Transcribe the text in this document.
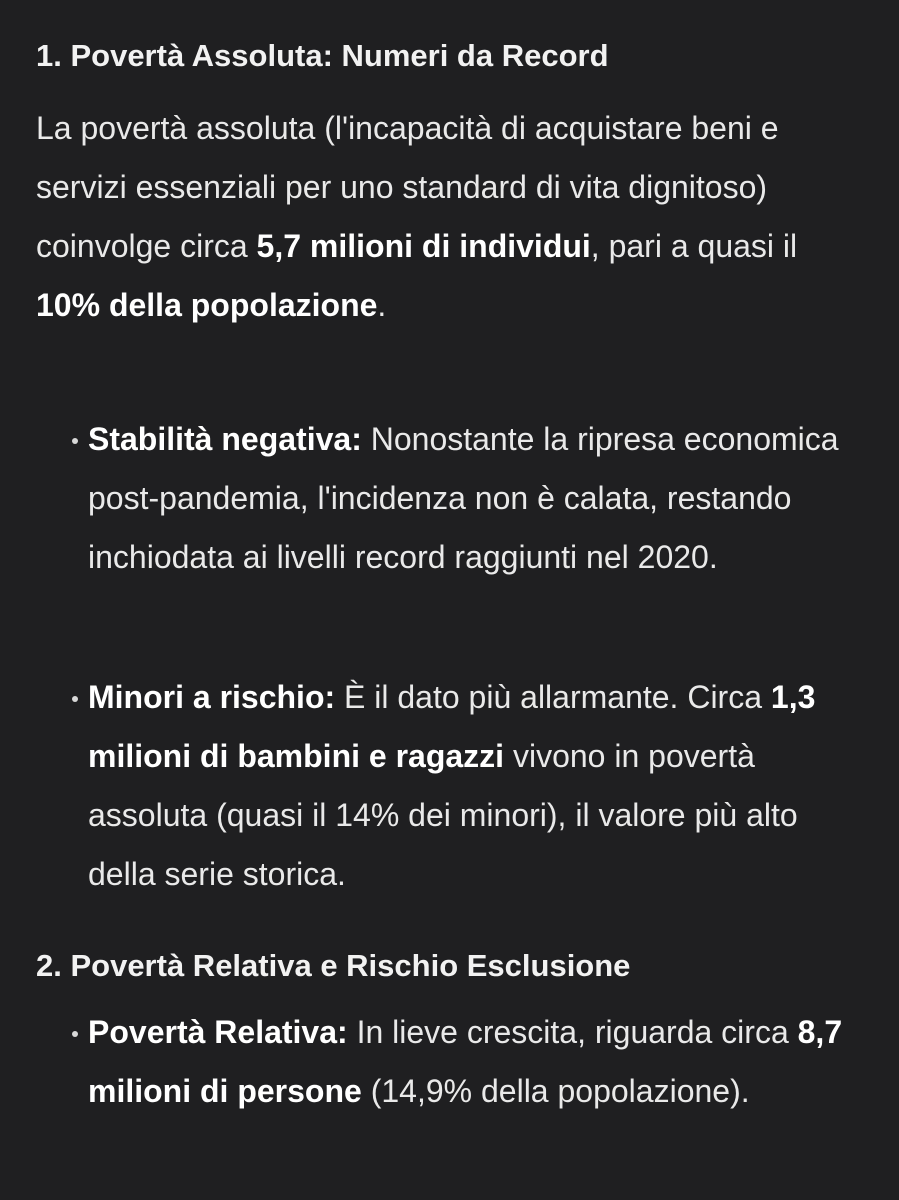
1. Povertà Assoluta: Numeri da Record

La povertà assoluta (l'incapacità di acquistare beni e servizi essenziali per uno standard di vita dignitoso) coinvolge circa 5,7 milioni di individui, pari a quasi il 10% della popolazione.

Stabilità negativa: Nonostante la ripresa economica post-pandemia, l'incidenza non è calata, restando inchiodata ai livelli record raggiunti nel 2020.
Minori a rischio: È il dato più allarmante. Circa 1,3 milioni di bambini e ragazzi vivono in povertà assoluta (quasi il 14% dei minori), il valore più alto della serie storica.
2. Povertà Relativa e Rischio Esclusione
Povertà Relativa: In lieve crescita, riguarda circa 8,7 milioni di persone (14,9% della popolazione).
